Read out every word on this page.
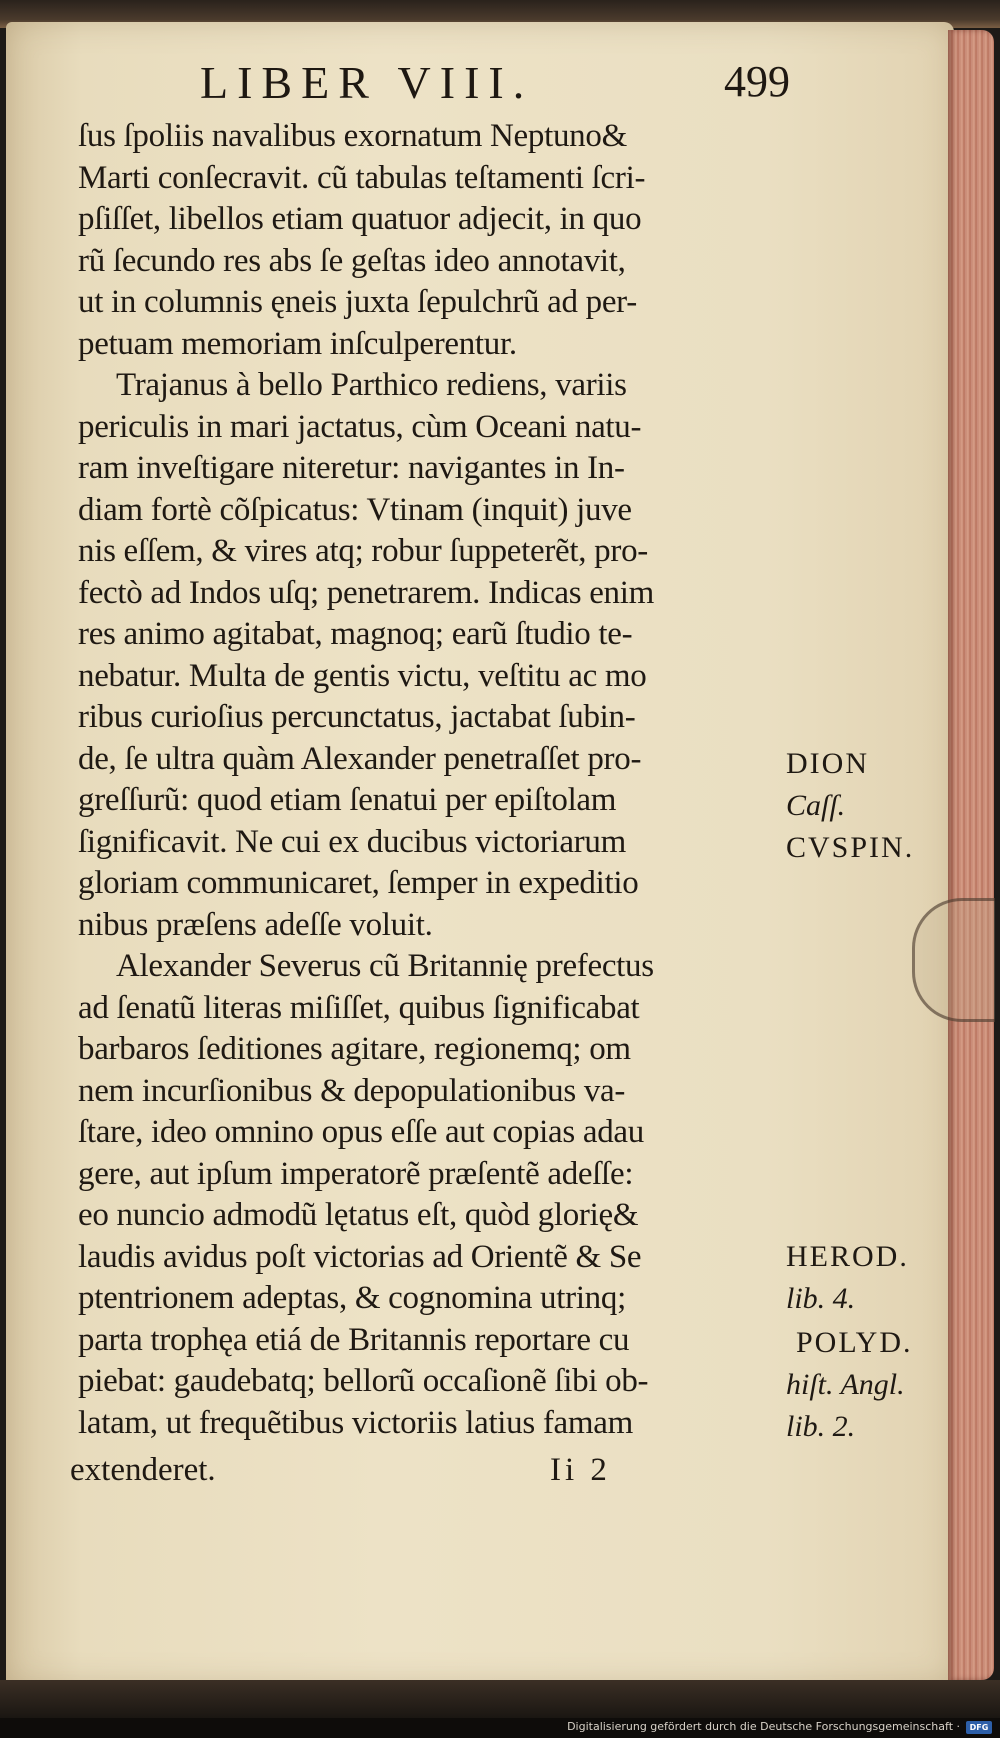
LIBER VIII.	499
ſus ſpoliis navalibus exornatum Neptuno&
Marti conſecravit. cũ tabulas teſtamenti ſcri-
pſiſſet, libellos etiam quatuor adjecit, in quo
rũ ſecundo res abs ſe geſtas ideo annotavit,
ut in columnis ęneis juxta ſepulchrũ ad per-
petuam memoriam inſculperentur.
Trajanus à bello Parthico rediens, variis
periculis in mari jactatus, cùm Oceani natu-
ram inveſtigare niteretur: navigantes in In-
diam fortè cõſpicatus: Vtinam (inquit) juve
nis eſſem, & vires atq; robur ſuppeterẽt, pro-
fectò ad Indos uſq; penetrarem. Indicas enim
res animo agitabat, magnoq; earũ ſtudio te-
nebatur. Multa de gentis victu, veſtitu ac mo
ribus curioſius percunctatus, jactabat ſubin-
de, ſe ultra quàm Alexander penetraſſet pro-
greſſurũ: quod etiam ſenatui per epiſtolam
ſignificavit. Ne cui ex ducibus victoriarum
gloriam communicaret, ſemper in expeditio
nibus præſens adeſſe voluit.
Alexander Severus cũ Britannię prefectus
ad ſenatũ literas miſiſſet, quibus ſignificabat
barbaros ſeditiones agitare, regionemq; om
nem incurſionibus & depopulationibus va-
ſtare, ideo omnino opus eſſe aut copias adau
gere, aut ipſum imperatorẽ præſentẽ adeſſe:
eo nuncio admodũ lętatus eſt, quòd glorię&
laudis avidus poſt victorias ad Orientẽ & Se
ptentrionem adeptas, & cognomina utrinq;
parta trophęa etiá de Britannis reportare cu
piebat: gaudebatq; bellorũ occaſionẽ ſibi ob-
latam, ut frequẽtibus victoriis latius famam
DION
Caſſ.
CVSPIN.
HEROD.
lib. 4.
POLYD.
hiſt. Angl.
lib. 2.
extenderet.	Ii 2
Digitalisierung gefördert durch die Deutsche Forschungsgemeinschaft ·	DFG
